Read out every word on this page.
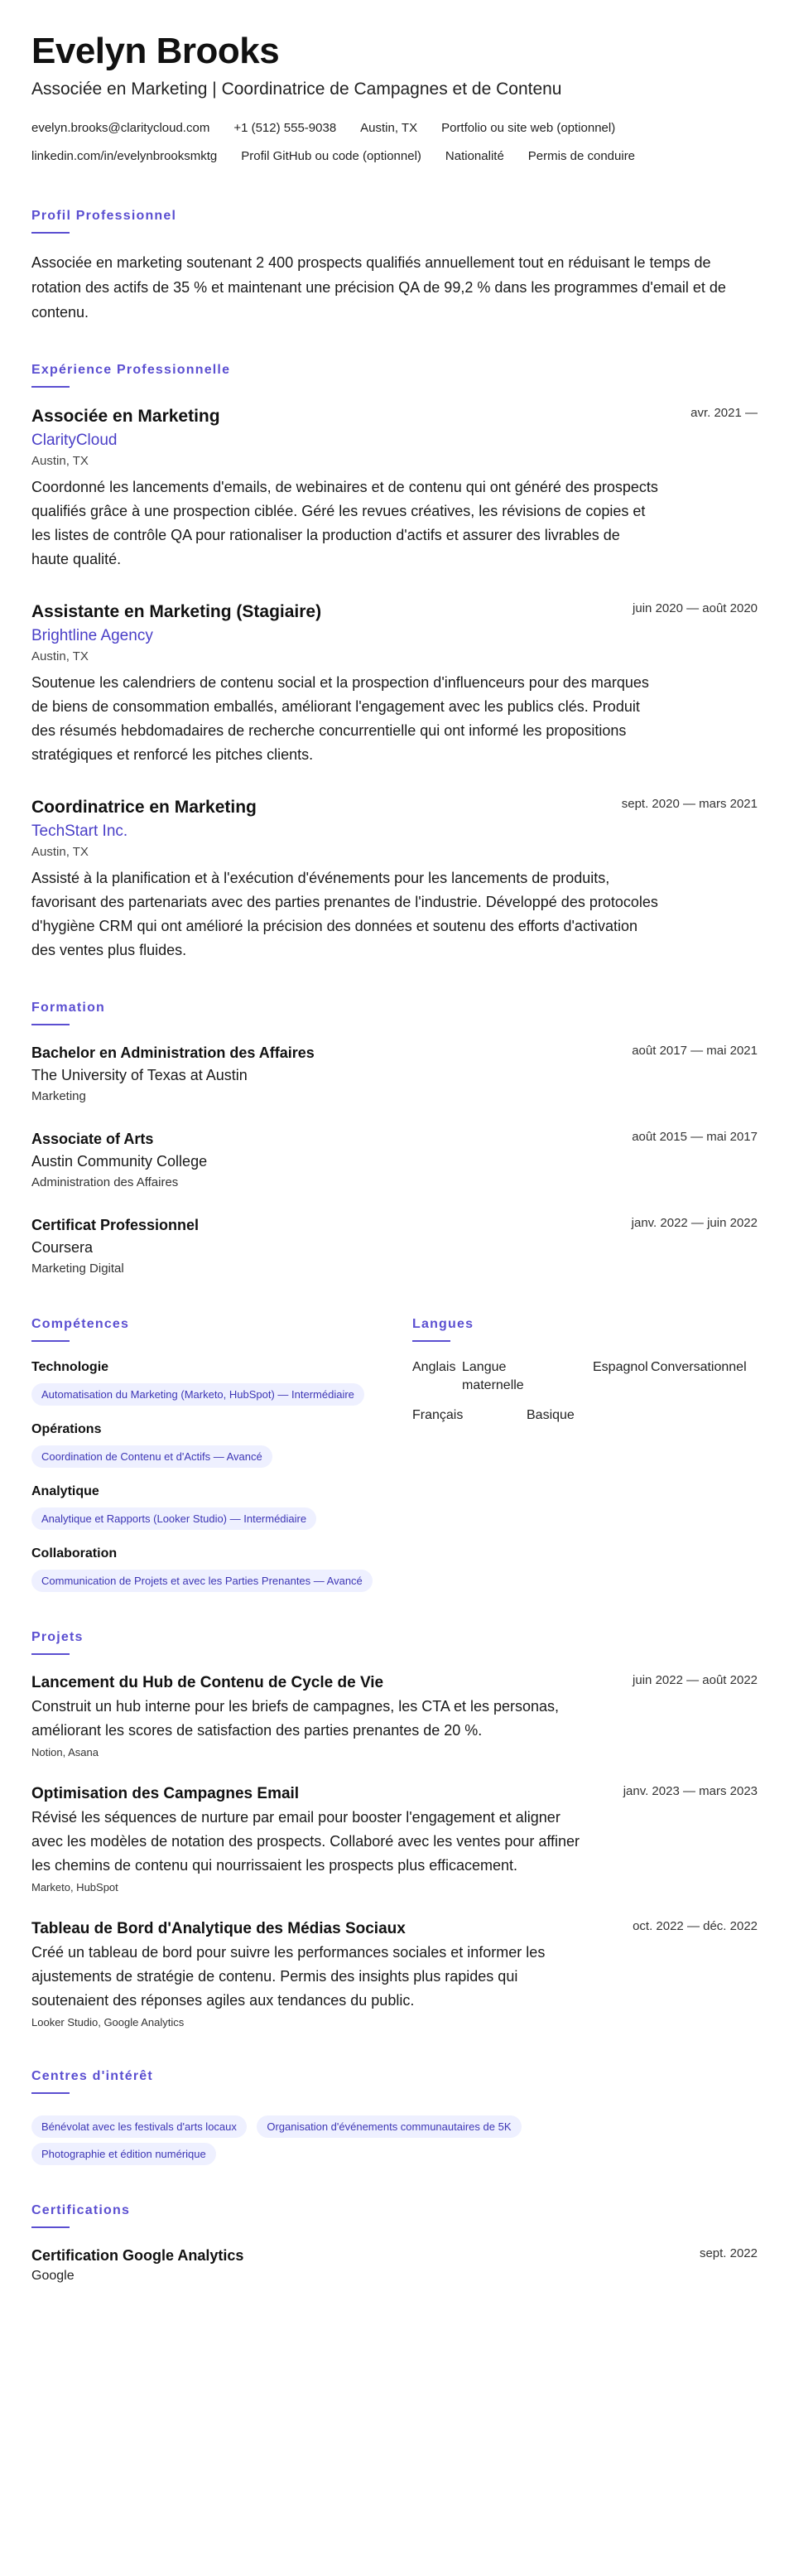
Evelyn Brooks
Associée en Marketing | Coordinatrice de Campagnes et de Contenu
evelyn.brooks@claritycloud.com +1 (512) 555-9038 Austin, TX Portfolio ou site web (optionnel)
linkedin.com/in/evelynbrooksmktg Profil GitHub ou code (optionnel) Nationalité Permis de conduire
Profil Professionnel

Associée en marketing soutenant 2 400 prospects qualifiés annuellement tout en réduisant le temps de rotation des actifs de 35 % et maintenant une précision QA de 99,2 % dans les programmes d'email et de contenu.

Expérience Professionnelle
avr. 2021 —
Associée en Marketing
ClarityCloud
Austin, TX
Coordonné les lancements d'emails, de webinaires et de contenu qui ont généré des prospects qualifiés grâce à une prospection ciblée. Géré les revues créatives, les révisions de copies et les listes de contrôle QA pour rationaliser la production d'actifs et assurer des livrables de haute qualité.
juin 2020 — août 2020
Assistante en Marketing (Stagiaire)
Brightline Agency
Austin, TX
Soutenue les calendriers de contenu social et la prospection d'influenceurs pour des marques de biens de consommation emballés, améliorant l'engagement avec les publics clés. Produit des résumés hebdomadaires de recherche concurrentielle qui ont informé les propositions stratégiques et renforcé les pitches clients.
sept. 2020 — mars 2021
Coordinatrice en Marketing
TechStart Inc.
Austin, TX
Assisté à la planification et à l'exécution d'événements pour les lancements de produits, favorisant des partenariats avec des parties prenantes de l'industrie. Développé des protocoles d'hygiène CRM qui ont amélioré la précision des données et soutenu des efforts d'activation des ventes plus fluides.
Formation
août 2017 — mai 2021
Bachelor en Administration des Affaires
The University of Texas at Austin
Marketing
août 2015 — mai 2017
Associate of Arts
Austin Community College
Administration des Affaires
janv. 2022 — juin 2022
Certificat Professionnel
Coursera
Marketing Digital
Compétences
Technologie
Automatisation du Marketing (Marketo, HubSpot) — Intermédiaire
Opérations
Coordination de Contenu et d'Actifs — Avancé
Analytique
Analytique et Rapports (Looker Studio) — Intermédiaire
Collaboration
Communication de Projets et avec les Parties Prenantes — Avancé
Langues
Anglais Langue maternelle
Espagnol Conversationnel
Français	Basique
Projets
juin 2022 — août 2022
Lancement du Hub de Contenu de Cycle de Vie
Construit un hub interne pour les briefs de campagnes, les CTA et les personas, améliorant les scores de satisfaction des parties prenantes de 20 %.
Notion, Asana
janv. 2023 — mars 2023
Optimisation des Campagnes Email
Révisé les séquences de nurture par email pour booster l'engagement et aligner avec les modèles de notation des prospects. Collaboré avec les ventes pour affiner les chemins de contenu qui nourrissaient les prospects plus efficacement.
Marketo, HubSpot
oct. 2022 — déc. 2022
Tableau de Bord d'Analytique des Médias Sociaux
Créé un tableau de bord pour suivre les performances sociales et informer les ajustements de stratégie de contenu. Permis des insights plus rapides qui soutenaient des réponses agiles aux tendances du public.
Looker Studio, Google Analytics
Centres d'intérêt
Bénévolat avec les festivals d'arts locaux	Organisation d'événements communautaires de 5K Photographie et édition numérique
Certifications
sept. 2022
Certification Google Analytics
Google
